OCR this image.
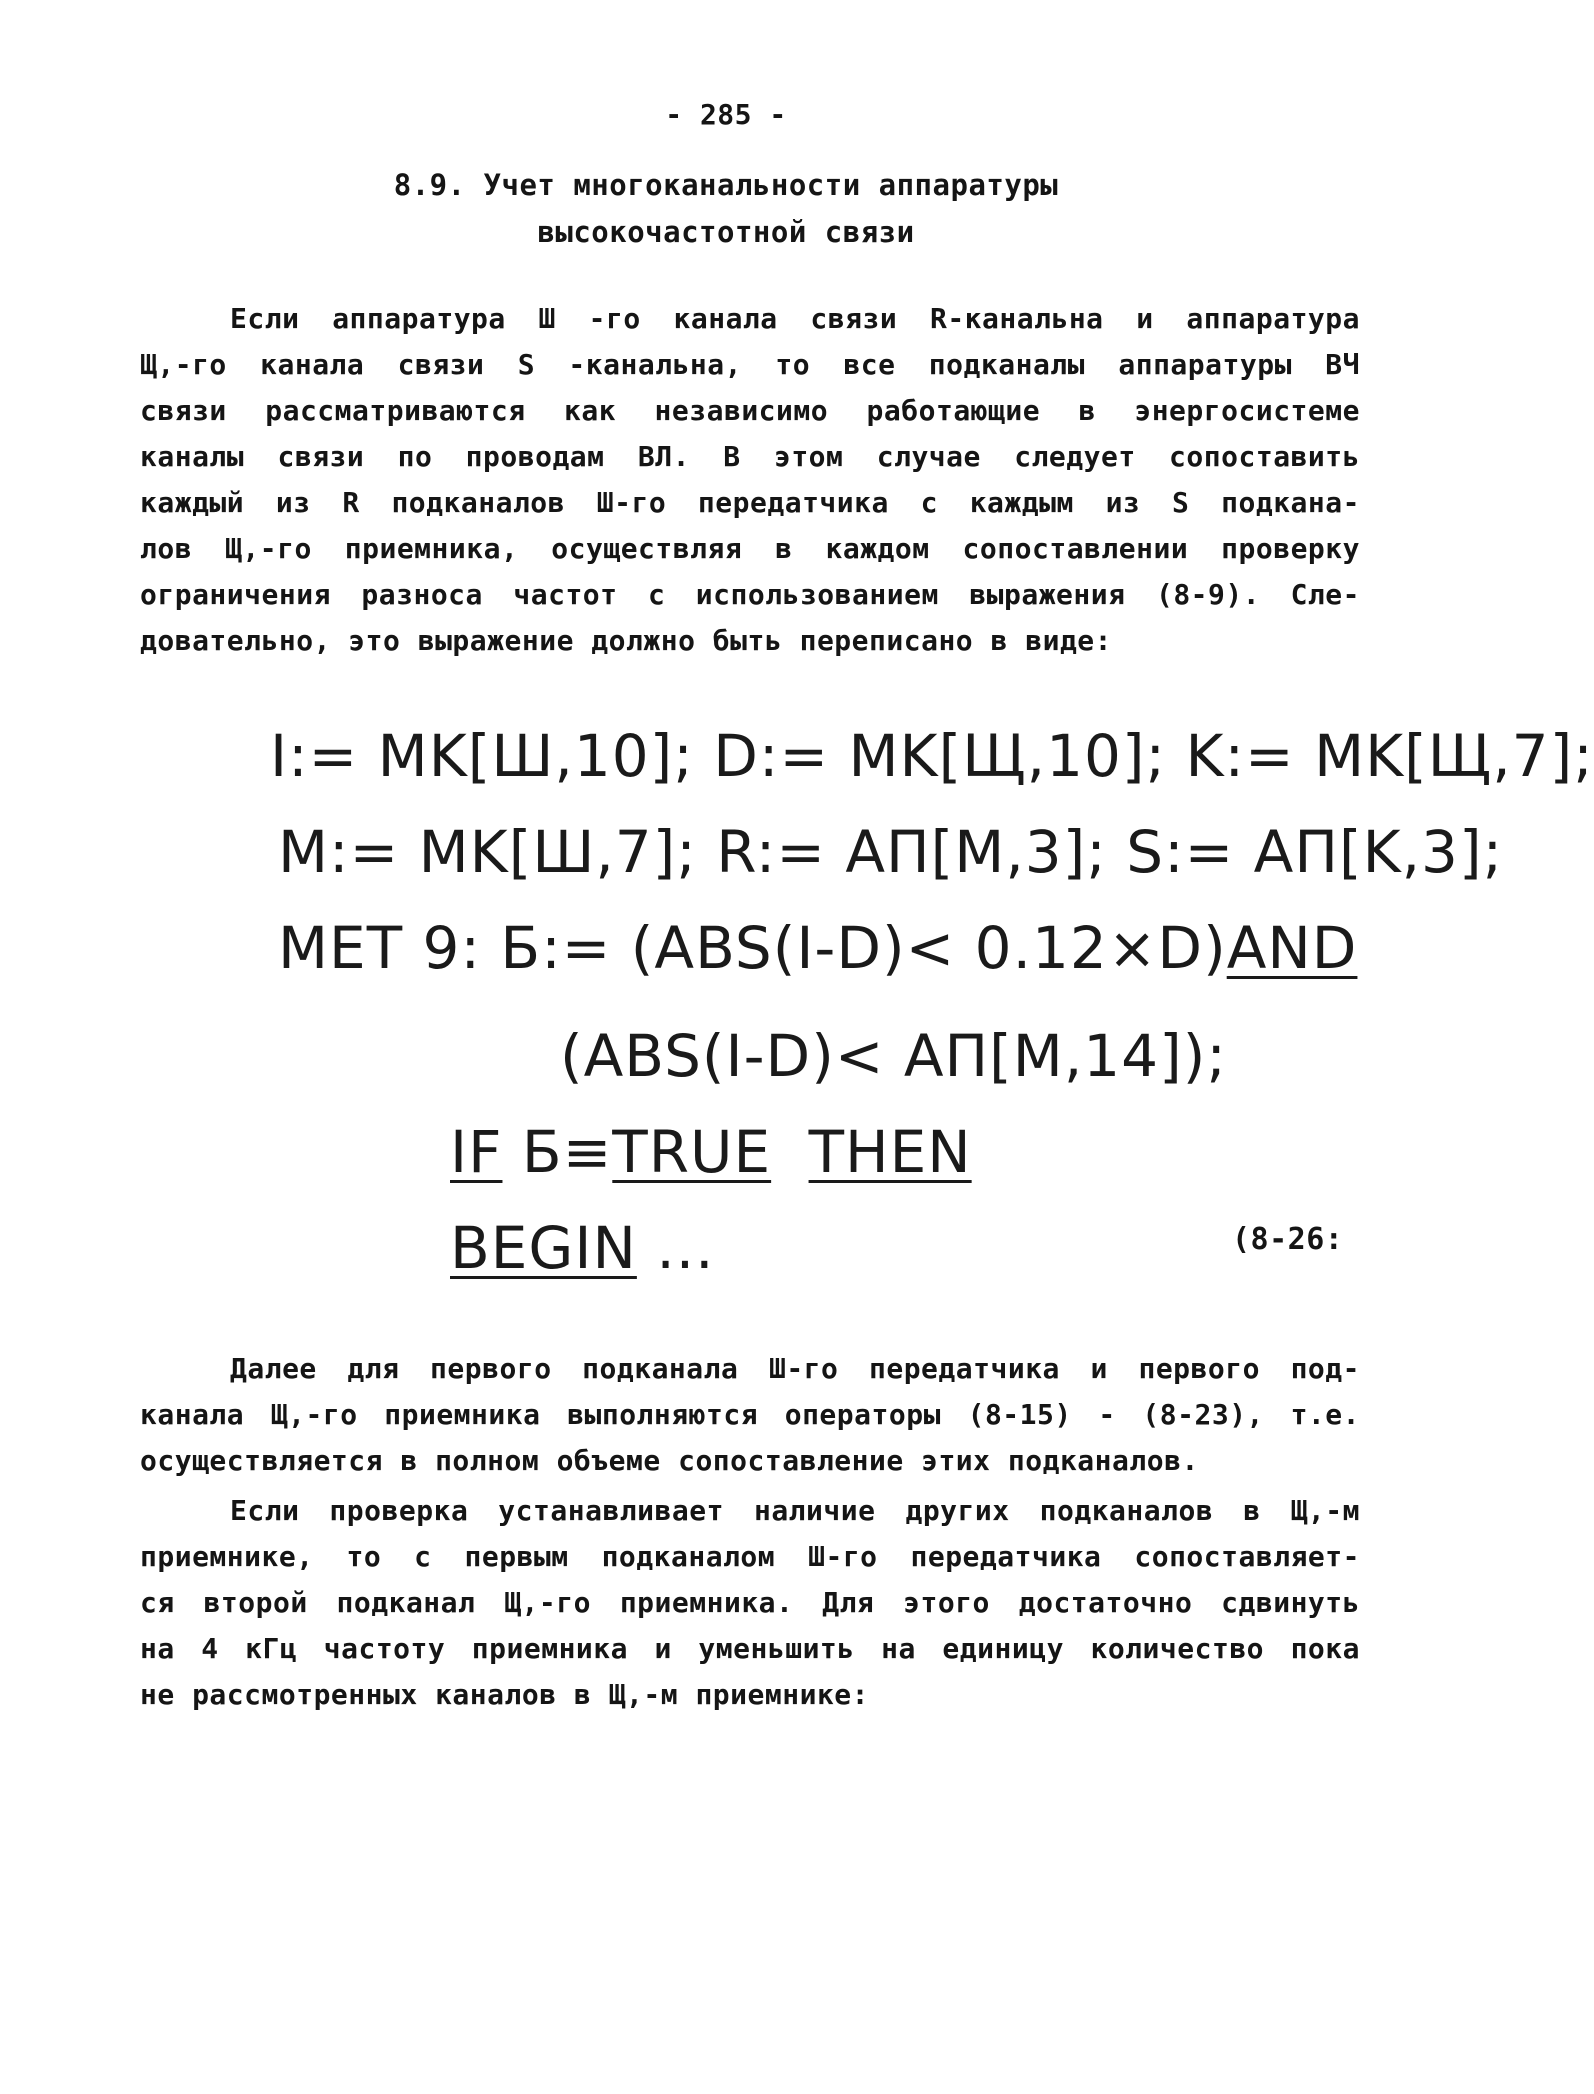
- 285 -
8.9. Учет многоканальности аппаратуры
высокочастотной связи
Если аппаратура Ш -го канала связи R-канальна и аппаратура
Щ,-го канала связи S -канальна, то все подканалы аппаратуры ВЧ
связи рассматриваются как независимо работающие в энергосистеме
каналы связи по проводам ВЛ. В этом случае следует сопоставить
каждый из R подканалов Ш-го передатчика с каждым из S подкана-
лов Щ,-го приемника, осуществляя в каждом сопоставлении проверку
ограничения разноса частот с использованием выражения (8-9). Сле-
довательно, это выражение должно быть переписано в виде:
I:= MK[Ш,10]; D:= MK[Щ,10]; K:= MK[Щ,7];
M:= MK[Ш,7]; R:= AП[M,3]; S:= AП[K,3];
MET 9: Б:= (ABS(I-D)< 0.12×D)AND
(ABS(I-D)< AП[M,14]);
IF Б≡TRUE THEN
BEGIN ...	(8-26:
Далее для первого подканала Ш-го передатчика и первого под-
канала Щ,-го приемника выполняются операторы (8-15) - (8-23), т.е.
осуществляется в полном объеме сопоставление этих подканалов.
Если проверка устанавливает наличие других подканалов в Щ,-м
приемнике, то с первым подканалом Ш-го передатчика сопоставляет-
ся второй подканал Щ,-го приемника. Для этого достаточно сдвинуть
на 4 кГц частоту приемника и уменьшить на единицу количество пока
не рассмотренных каналов в Щ,-м приемнике:
